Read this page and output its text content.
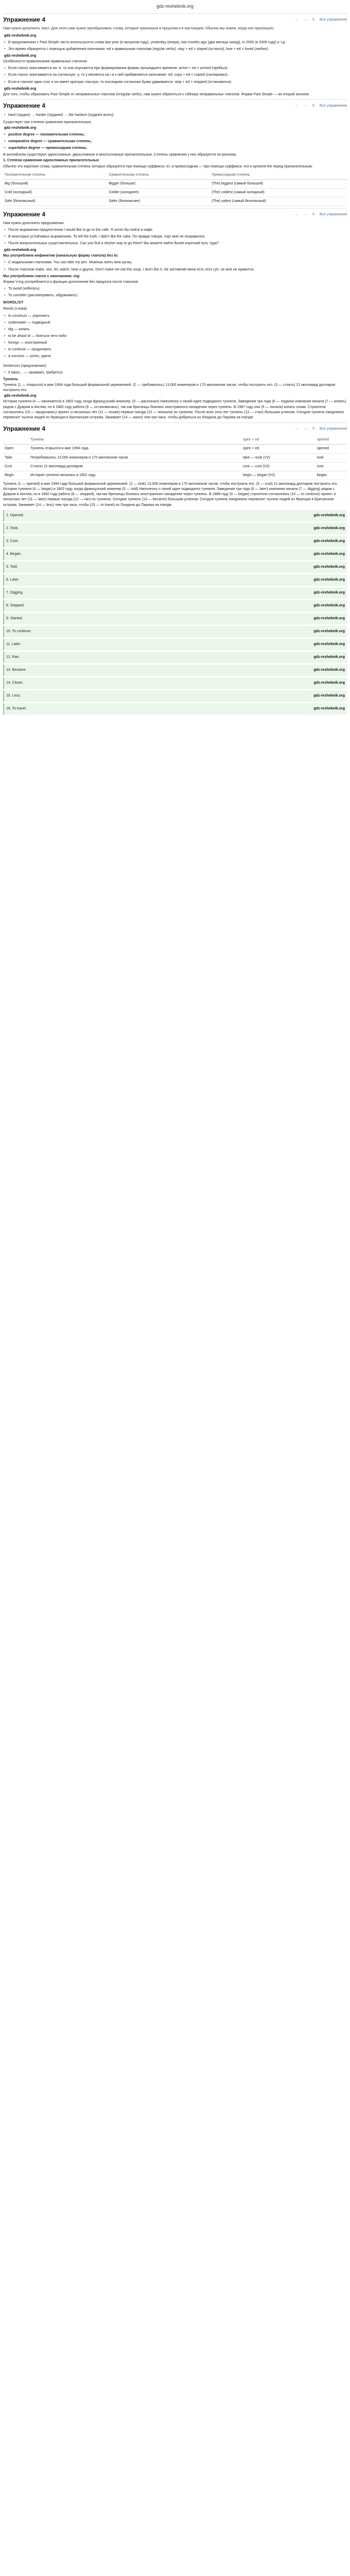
gdz-reshebnik.org
Упражнение 4	← → 5 Все упражнения

Нам нужно дополнить текст. Для этого нам нужно преобразовать слова, которые произошли в прошлом и в настоящем. Обычно мы знаем, когда оно произошло.

gdz-reshebnik.org
• В предложениях с Past Simple часто используются слова last year (в прошлом году), yesterday (вчера), two months ago (два месяца назад), in 2009 (в 2009 году) и т.д.
• Это время образуется с помощью добавления окончания -ed к правильным глаголам (regular verbs): stay + ed = stayed (остался), love + ed = loved (любил).
gdz-reshebnik.org

Особенности правописания правильных глаголов:

• Если глагол оканчивается на -e, то она опускается при формировании формы прошедшего времени: arrive + ed = arrived (прибыл).
• Если глагол оканчивается на согласную -y, то у меняется на i и к ней прибавляется окончание -ed: copy + ed = copied (скопировал).
• Если в глаголе один слог и он имеет краткую гласную, то последняя согласная буква удваивается: stop + ed = stopped (остановился).
gdz-reshebnik.org

Для того, чтобы образовать Past Simple от неправильных глаголов (irregular verbs), нам нужно обратиться к таблице неправильных глаголов. Форма Past Simple — во второй колонке.

Упражнение 4	← → 5 Все упражнения
• hard (трудно) → harder (труднее) → the hardest (труднее всего).

Существует три степени сравнения прилагательных:

gdz-reshebnik.org
• positive degree — положительная степень;
• comparative degree — сравнительная степень;
• superlative degree — превосходная степень.

В английском существуют односложные, двухсложные и многосложные прилагательные. Степень сравнения у них образуется по-разному.

1. Степени сравнения односложных прилагательных

Обычно это короткие слова, сравнительная степень которых образуется при помощи суффикса -er, а превосходная — при помощи суффикса -est и артикля the перед прилагательным.

Положительная степень	Сравнительная степень	Превосходная степень
Big (большой)	Bigger (больше)	(The) biggest (самый большой)
Cold (холодный)	Colder (холоднее)	(The) coldest (самый холодный)
Safe (безопасный)	Safer (безопаснее)	(The) safest (самый безопасный)
Упражнение 4	← → 5 Все упражнения

Нам нужно дополнить предложения.

• После выражения предпочтения I would like to go to the cafe. Я хотел бы пойти в кафе.
• В некоторых устойчивых выражениях. To tell the truth, I didn't like the cake. По правде говоря, торт мне не понравился.
• После вопросительных существительных. Can you find a shorter way to go there? Вы можете найти более короткий путь туда?
gdz-reshebnik.org

Мы употребляем инфинитив (начальную форму глагола) без to:

• С модальными глаголами. You can take my pen. Можешь взять мою ручку.
• После глаголов make, see, let, watch, hear и других. Don't make me eat this soup, I don't like it. Не заставляй меня есть этот суп, он мне не нравится.

Мы употребляем глагол с окончанием -ing:

Форма V-ing употребляется в функции дополнения без предлога после глаголов:

• To avoid (избегать).
• To consider (рассматривать, обдумывать).
WORDLIST

Words (слова):

• to construct — упрочнять
• underwater — подводный
• dig — копать
• to be afraid of — бояться чего-либо
• foreign — иностранный
• to continue — продолжать
• a success — успех, удача

Sentences (предложение):

• It takes... — занимает, требуется.

Туннель

Туннель (1 — открылся) в мае 1994 года большой формальной церемонией. (2 — требовалось) 13,000 инженеров и 170 миллионов часов, чтобы построить его. (3 — стоить) 21 миллиард долларов построить его.

gdz-reshebnik.org

История туннеля (4 — начинается) в 1802 году, когда французский инженер, (5 — рассказал) Наполеону о своей идее подводного туннеля. Заведения три года (6 — подали) компания начала (7 — копать) рядом с Дувром в Англии, но в 1882 году работа (8 — остановилась), так как британцы боялись иностранного нападения через туннель. В 1987 году они (9 — начали) копать снова. Строители согласились (10 — продолжать) проект, и несколько лет (11 — позже) первые поезда (12 — поехали) по туннелю. После всех этих лет туннель (13 — стал) большим успехом. Сегодня туннель ежедневно перевозит тысячи людей из Франции в Британские острова. Занимает (14 — мало) чем три часа, чтобы добраться из Лондона до Парижа на поезде.

Упражнение 4	← → 5 Все упражнения
	Туннель	open + ed	opened
Open	Туннель открылся в мае 1994 года.	open + ed	opened
Take	Потребовалось 13,000 инженеров и 170 миллионов часов.	take — took (V2)	took
Cost	Стоило 21 миллиард долларов.	cost — cost (V2)	cost
Begin	История туннеля началась в 1802 году.	begin — began (V2)	began

Туннель (1 — opened) в мае 1994 года большой формальной церемонией. (2 — took) 13,000 инженеров и 170 миллионов часов, чтобы построить его. (3 — cost) 21 миллиард долларов построить его. История туннеля (4 — began) в 1802 году, когда французский инженер (5 — told) Наполеону о своей идее подводного туннеля. Заведения три года (6 — later) компания начала (7 — digging) рядом с Дувром в Англии, но в 1882 году работа (8 — stopped), так как британцы боялись иностранного нападения через туннель. В 1988 году (9 — began) строители согласились (10 — to continue) проект, и несколько лет (11 — later) первые поезда (12 — ran) по туннелю. Сегодня туннель (13 — became) большим успехом. Сегодня туннель ежедневно перевозит тысячи людей из Франции в Британские острова. Занимает (14 — less) чем три часа, чтобы (15 — to travel) из Лондона до Парижа на поезде.

1. Opened.	gdz-reshebnik.org
2. Took.	gdz-reshebnik.org
3. Cost.	gdz-reshebnik.org
4. Began.	gdz-reshebnik.org
5. Told.	gdz-reshebnik.org
6. Later.	gdz-reshebnik.org
7. Digging.	gdz-reshebnik.org
8. Stopped.	gdz-reshebnik.org
9. Started.	gdz-reshebnik.org
10. To continue.	gdz-reshebnik.org
11. Later.	gdz-reshebnik.org
12. Ran.	gdz-reshebnik.org
13. Became.	gdz-reshebnik.org
14. Closer.	gdz-reshebnik.org
15. Less.	gdz-reshebnik.org
16. To travel.	gdz-reshebnik.org
